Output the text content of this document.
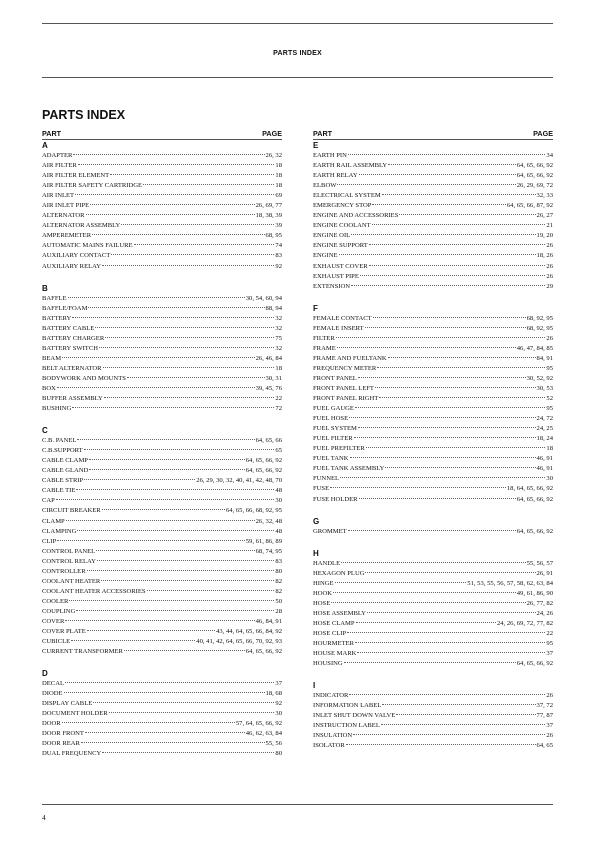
PARTS INDEX
PARTS INDEX
PART	PAGE
A
ADAPTER	26, 32
AIR FILTER	18
AIR FILTER ELEMENT	18
AIR FILTER SAFETY CARTRIDGE	18
AIR INLET	69
AIR INLET PIPE	26, 69, 77
ALTERNATOR	18, 38, 39
ALTERNATOR ASSEMBLY	39
AMPEREMETER	68, 95
AUTOMATIC MAINS FAILURE	74
AUXILIARY CONTACT	83
AUXILIARY RELAY	92
B
BAFFLE	30, 54, 60, 94
BAFFLE/FOAM	88, 94
BATTERY	32
BATTERY CABLE	32
BATTERY CHARGER	75
BATTERY SWITCH	32
BEAM	26, 46, 84
BELT ALTERNATOR	18
BODYWORK AND MOUNTS	30, 31
BOX	39, 45, 76
BUFFER ASSEMBLY	22
BUSHING	72
C
C.B. PANEL	64, 65, 66
C.B.SUPPORT	65
CABLE CLAMP	64, 65, 66, 92
CABLE GLAND	64, 65, 66, 92
CABLE STRIP	26, 29, 30, 32, 40, 41, 42, 48, 70
CABLE TIE	48
CAP	30
CIRCUIT BREAKER	64, 65, 66, 68, 92, 95
CLAMP	26, 32, 48
CLAMPING	48
CLIP	59, 61, 86, 89
CONTROL PANEL	68, 74, 95
CONTROL RELAY	83
CONTROLLER	80
COOLANT HEATER	82
COOLANT HEATER ACCESSORIES	82
COOLER	50
COUPLING	28
COVER	46, 84, 91
COVER PLATE	43, 44, 64, 65, 66, 84, 92
CUBICLE	40, 41, 42, 64, 65, 66, 70, 92, 93
CURRENT TRANSFORMER	64, 65, 66, 92
D
DECAL	37
DIODE	18, 68
DISPLAY CABLE	92
DOCUMENT HOLDER	30
DOOR	57, 64, 65, 66, 92
DOOR FRONT	46, 62, 63, 84
DOOR REAR	55, 56
DUAL FREQUENCY	80
PART	PAGE
E
EARTH PIN	34
EARTH RAIL ASSEMBLY	64, 65, 66, 92
EARTH RELAY	64, 65, 66, 92
ELBOW	26, 29, 69, 72
ELECTRICAL SYSTEM	32, 33
EMERGENCY STOP	64, 65, 66, 87, 92
ENGINE AND ACCESSORIES	26, 27
ENGINE COOLANT	21
ENGINE OIL	19, 20
ENGINE SUPPORT	26
ENGINE	18, 26
EXHAUST COVER	26
EXHAUST PIPE	26
EXTENSION	29
F
FEMALE CONTACT	68, 92, 95
FEMALE INSERT	68, 92, 95
FILTER	26
FRAME	46, 47, 84, 85
FRAME AND FUELTANK	84, 91
FREQUENCY METER	95
FRONT PANEL	30, 52, 92
FRONT PANEL LEFT	30, 53
FRONT PANEL RIGHT	52
FUEL GAUGE	95
FUEL HOSE	24, 72
FUEL SYSTEM	24, 25
FUEL FILTER	18, 24
FUEL PREFILTER	18
FUEL TANK	46, 91
FUEL TANK ASSEMBLY	46, 91
FUNNEL	30
FUSE	18, 64, 65, 66, 92
FUSE HOLDER	64, 65, 66, 92
G
GROMMET	64, 65, 66, 92
H
HANDLE	55, 56, 57
HEXAGON PLUG	26, 91
HINGE	51, 53, 55, 56, 57, 58, 62, 63, 84
HOOK	49, 61, 86, 90
HOSE	26, 77, 82
HOSE ASSEMBLY	24, 26
HOSE CLAMP	24, 26, 69, 72, 77, 82
HOSE CLIP	22
HOURMETER	95
HOUSE MARK	37
HOUSING	64, 65, 66, 92
I
INDICATOR	26
INFORMATION LABEL	37, 72
INLET SHUT DOWN VALVE	77, 87
INSTRUCTION LABEL	37
INSULATION	26
ISOLATOR	64, 65
4
